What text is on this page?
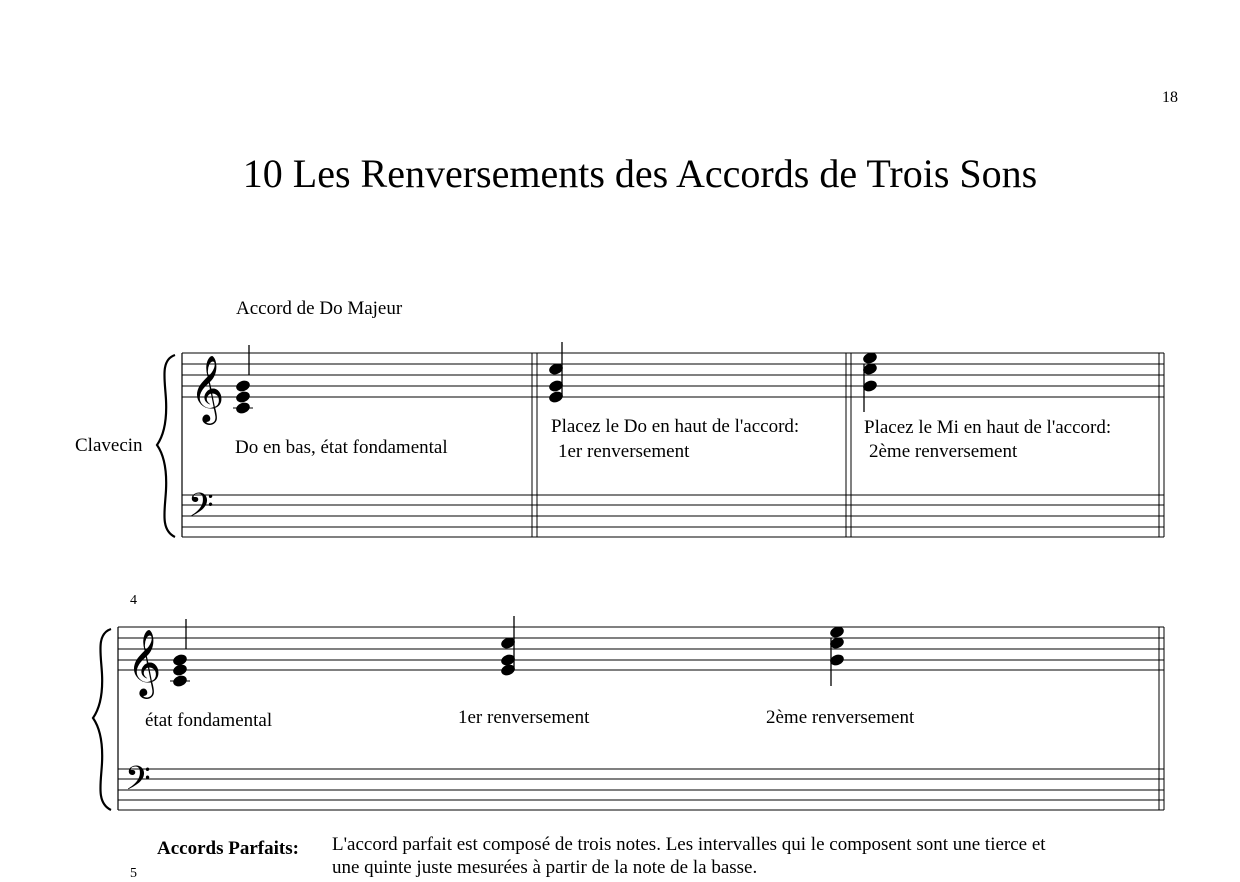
18
10 Les Renversements des Accords de Trois Sons
Accord de Do Majeur
Clavecin	Do en bas, état fondamental
Placez le Do en haut de l'accord:
1er renversement
Placez le Mi en haut de l'accord:
2ème renversement
4
état fondamental	1er renversement	2ème renversement
Accords Parfaits: L'accord parfait est composé de trois notes. Les intervalles qui le composent sont une tierce et
une quinte juste mesurées à partir de la note de la basse.
5
𝄞
𝄢
𝄞
𝄢
